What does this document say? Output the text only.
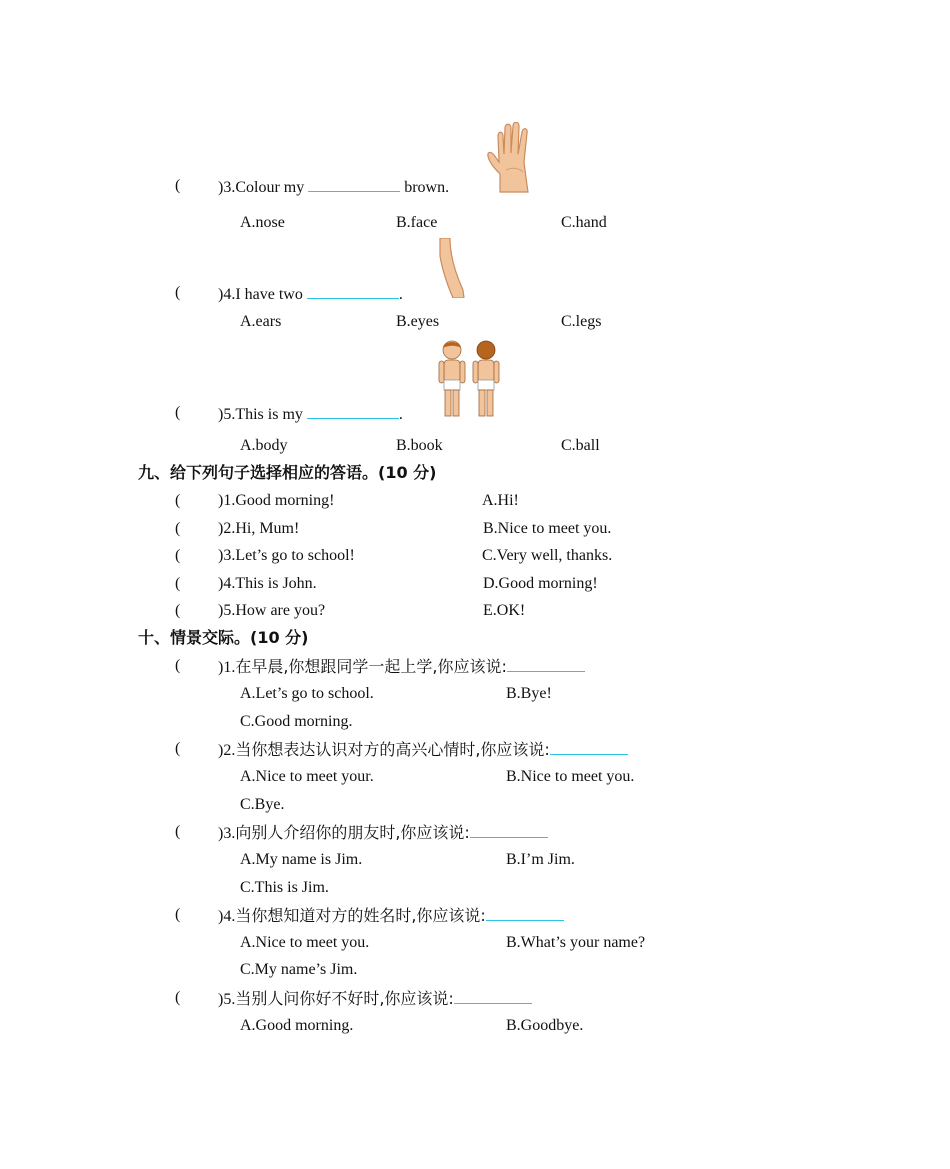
( )3.Colour my	brown.
A.nose	B.face	C.hand
( )4.I have two	.
A.ears	B.eyes	C.legs
( )5.This is my	.
A.body	B.book	C.ball
九、给下列句子选择相应的答语。(10 分)
( )1.Good morning!	A.Hi!
( )2.Hi, Mum!	B.Nice to meet you.
( )3.Let’s go to school!	C.Very well, thanks.
( )4.This is John.	D.Good morning!
( )5.How are you?	E.OK!
十、情景交际。(10 分)
( )1.在早晨,你想跟同学一起上学,你应该说:
A.Let’s go to school.	B.Bye!
C.Good morning.
( )2.当你想表达认识对方的高兴心情时,你应该说:
A.Nice to meet your.	B.Nice to meet you.
C.Bye.
( )3.向别人介绍你的朋友时,你应该说:
A.My name is Jim.	B.I’m Jim.
C.This is Jim.
( )4.当你想知道对方的姓名时,你应该说:
A.Nice to meet you.	B.What’s your name?
C.My name’s Jim.
( )5.当别人问你好不好时,你应该说:
A.Good morning.	B.Goodbye.
